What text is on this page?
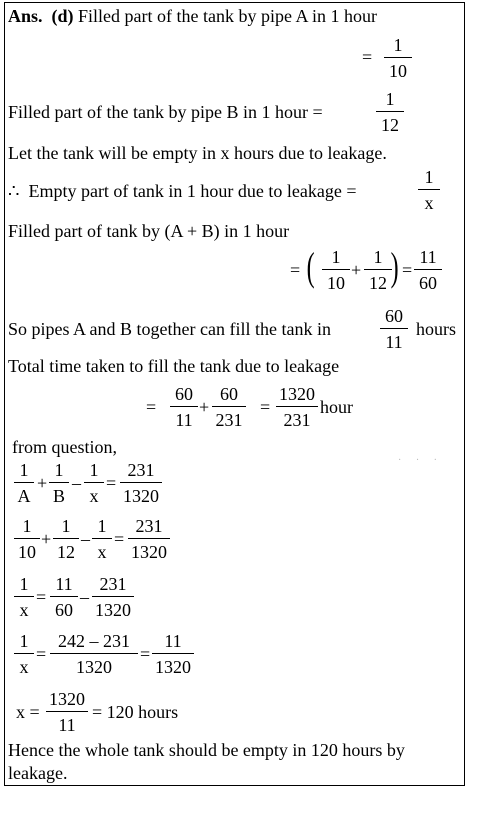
Ans. (d) Filled part of the tank by pipe A in 1 hour
=
1
10
Filled part of the tank by pipe B in 1 hour =
1
12
Let the tank will be empty in x hours due to leakage.
∴ Empty part of tank in 1 hour due to leakage =
1
x
Filled part of tank by (A + B) in 1 hour
= ( 1
10
+
1
12 ) =
11
60
So pipes A and B together can fill the tank in
60
11
hours
Total time taken to fill the tank due to leakage
=
60
11
+
60
231
=
1320
231
hour
from question,
· · ·
1
A
+
1
B
–
1
x
=
231
1320
1
10
+
1
12
–
1
x
=
231
1320
1
x
=
11
60
–
231
1320
1
x
=
242 – 231
1320
=
11
1320
x =
1320
11
= 120 hours
Hence the whole tank should be empty in 120 hours by
leakage.
